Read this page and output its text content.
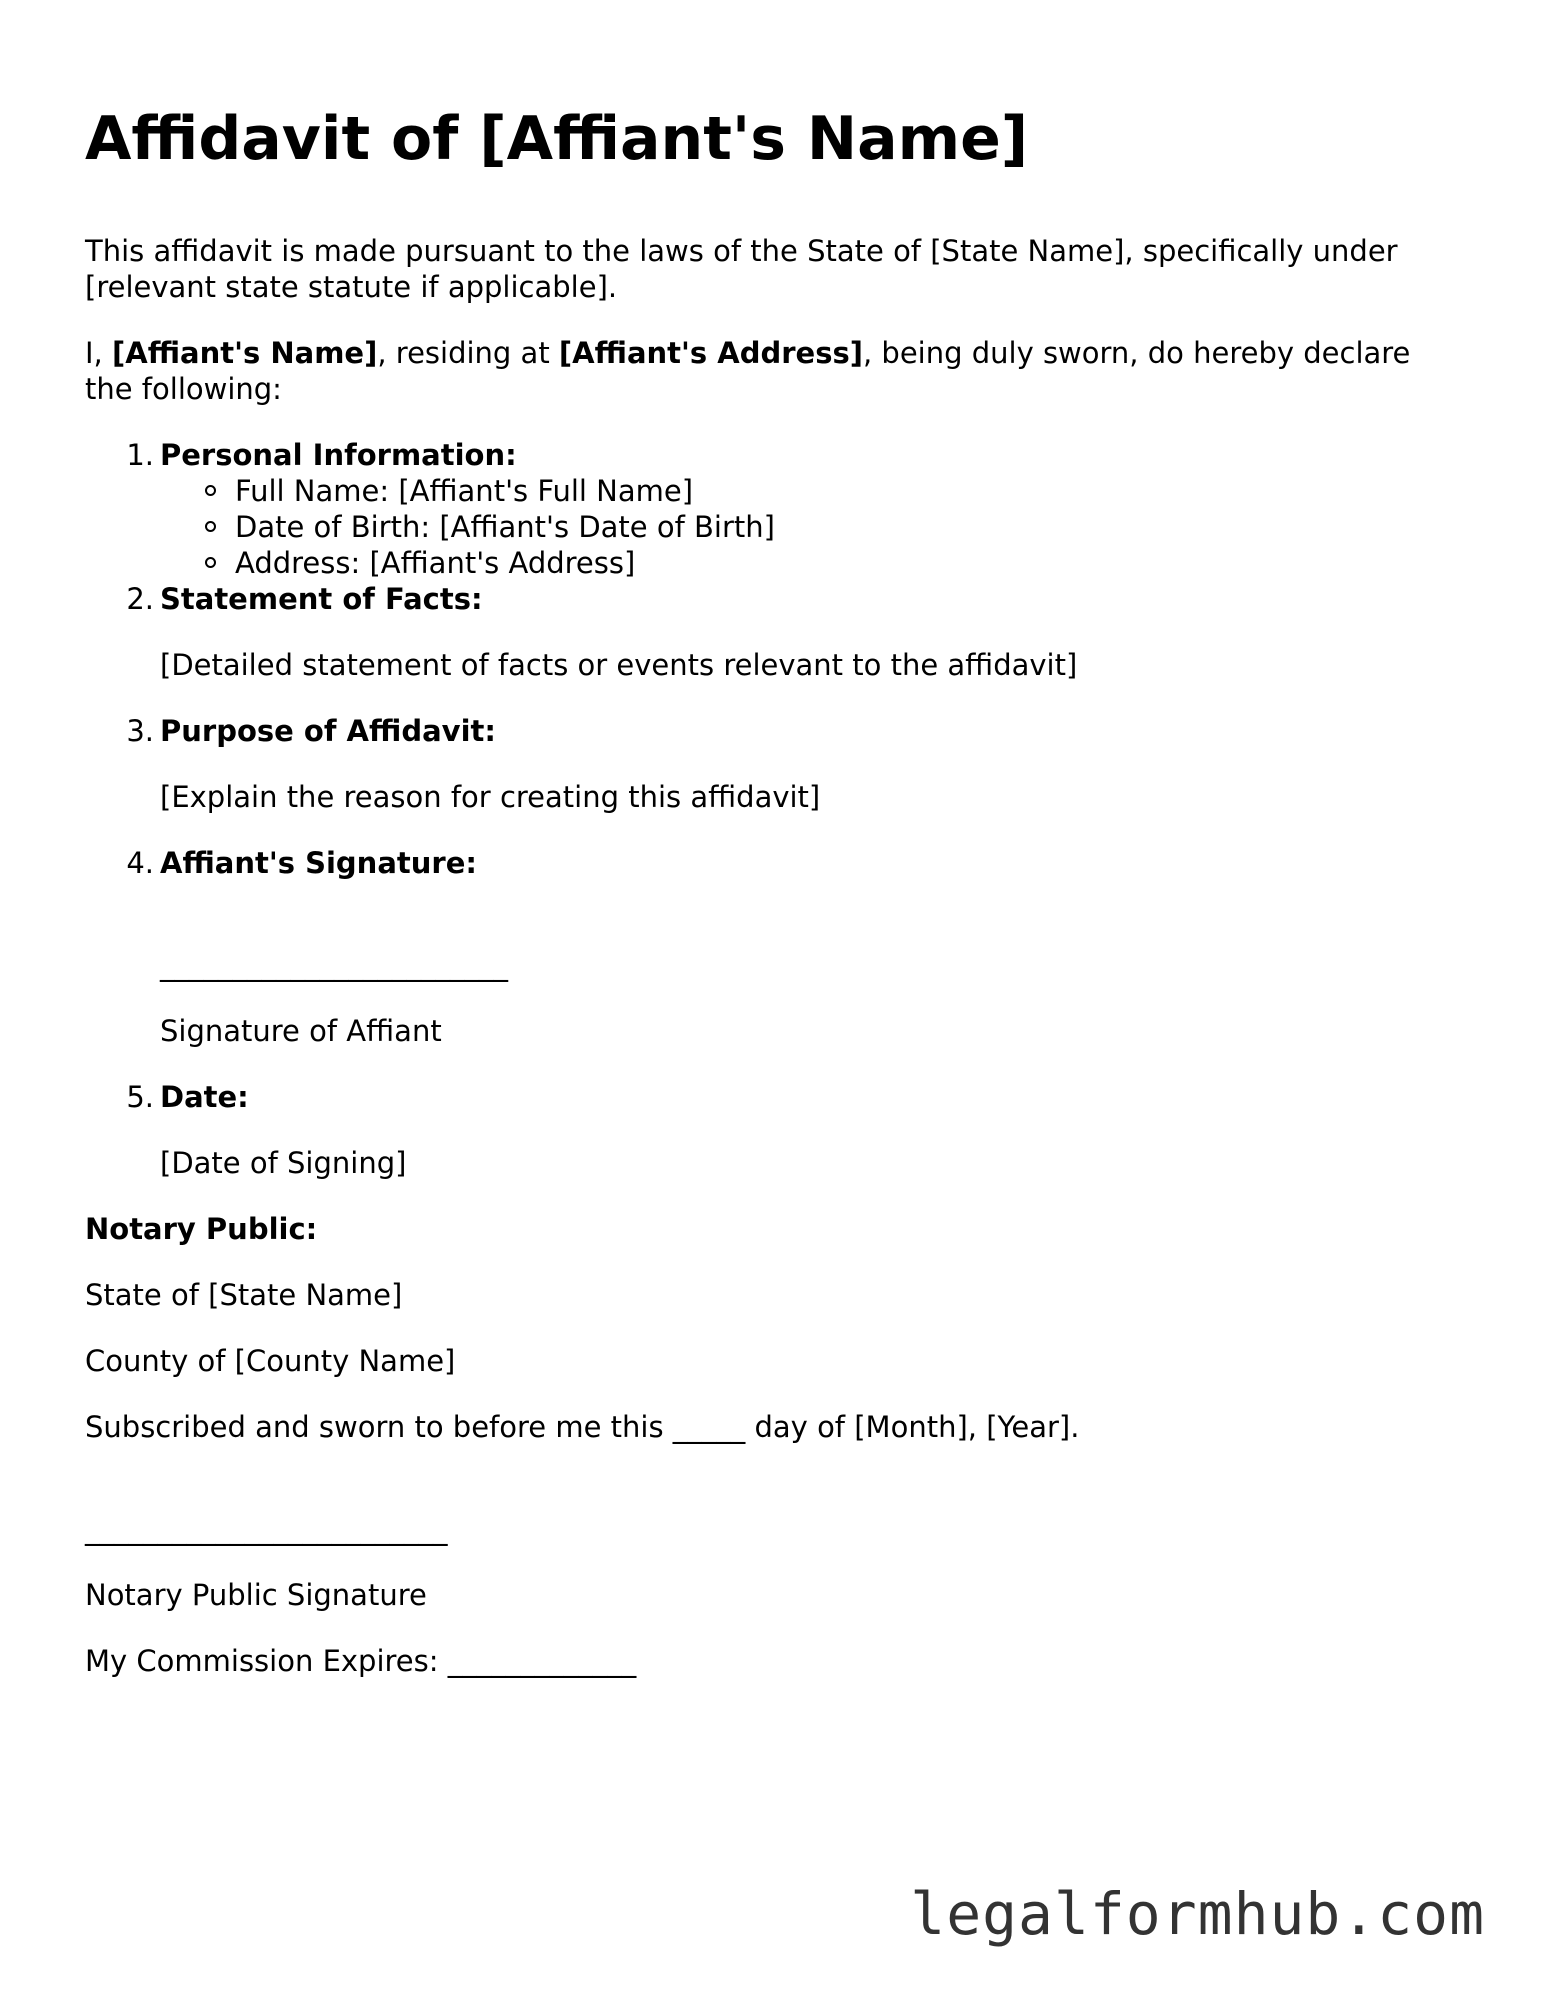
Affidavit of [Affiant's Name]

This affidavit is made pursuant to the laws of the State of [State Name], specifically under [relevant state statute if applicable].

I, [Affiant's Name], residing at [Affiant's Address], being duly sworn, do hereby declare the following:

1. Personal Information:
Full Name: [Affiant's Full Name]
Date of Birth: [Affiant's Date of Birth]
Address: [Affiant's Address]
2. Statement of Facts:

[Detailed statement of facts or events relevant to the affidavit]

3. Purpose of Affidavit:

[Explain the reason for creating this affidavit]

4. Affiant's Signature:

________________________

Signature of Affiant

5. Date:

[Date of Signing]

Notary Public:

State of [State Name]

County of [County Name]

Subscribed and sworn to before me this _____ day of [Month], [Year].

_________________________

Notary Public Signature

My Commission Expires: _____________

legalformhub.com
